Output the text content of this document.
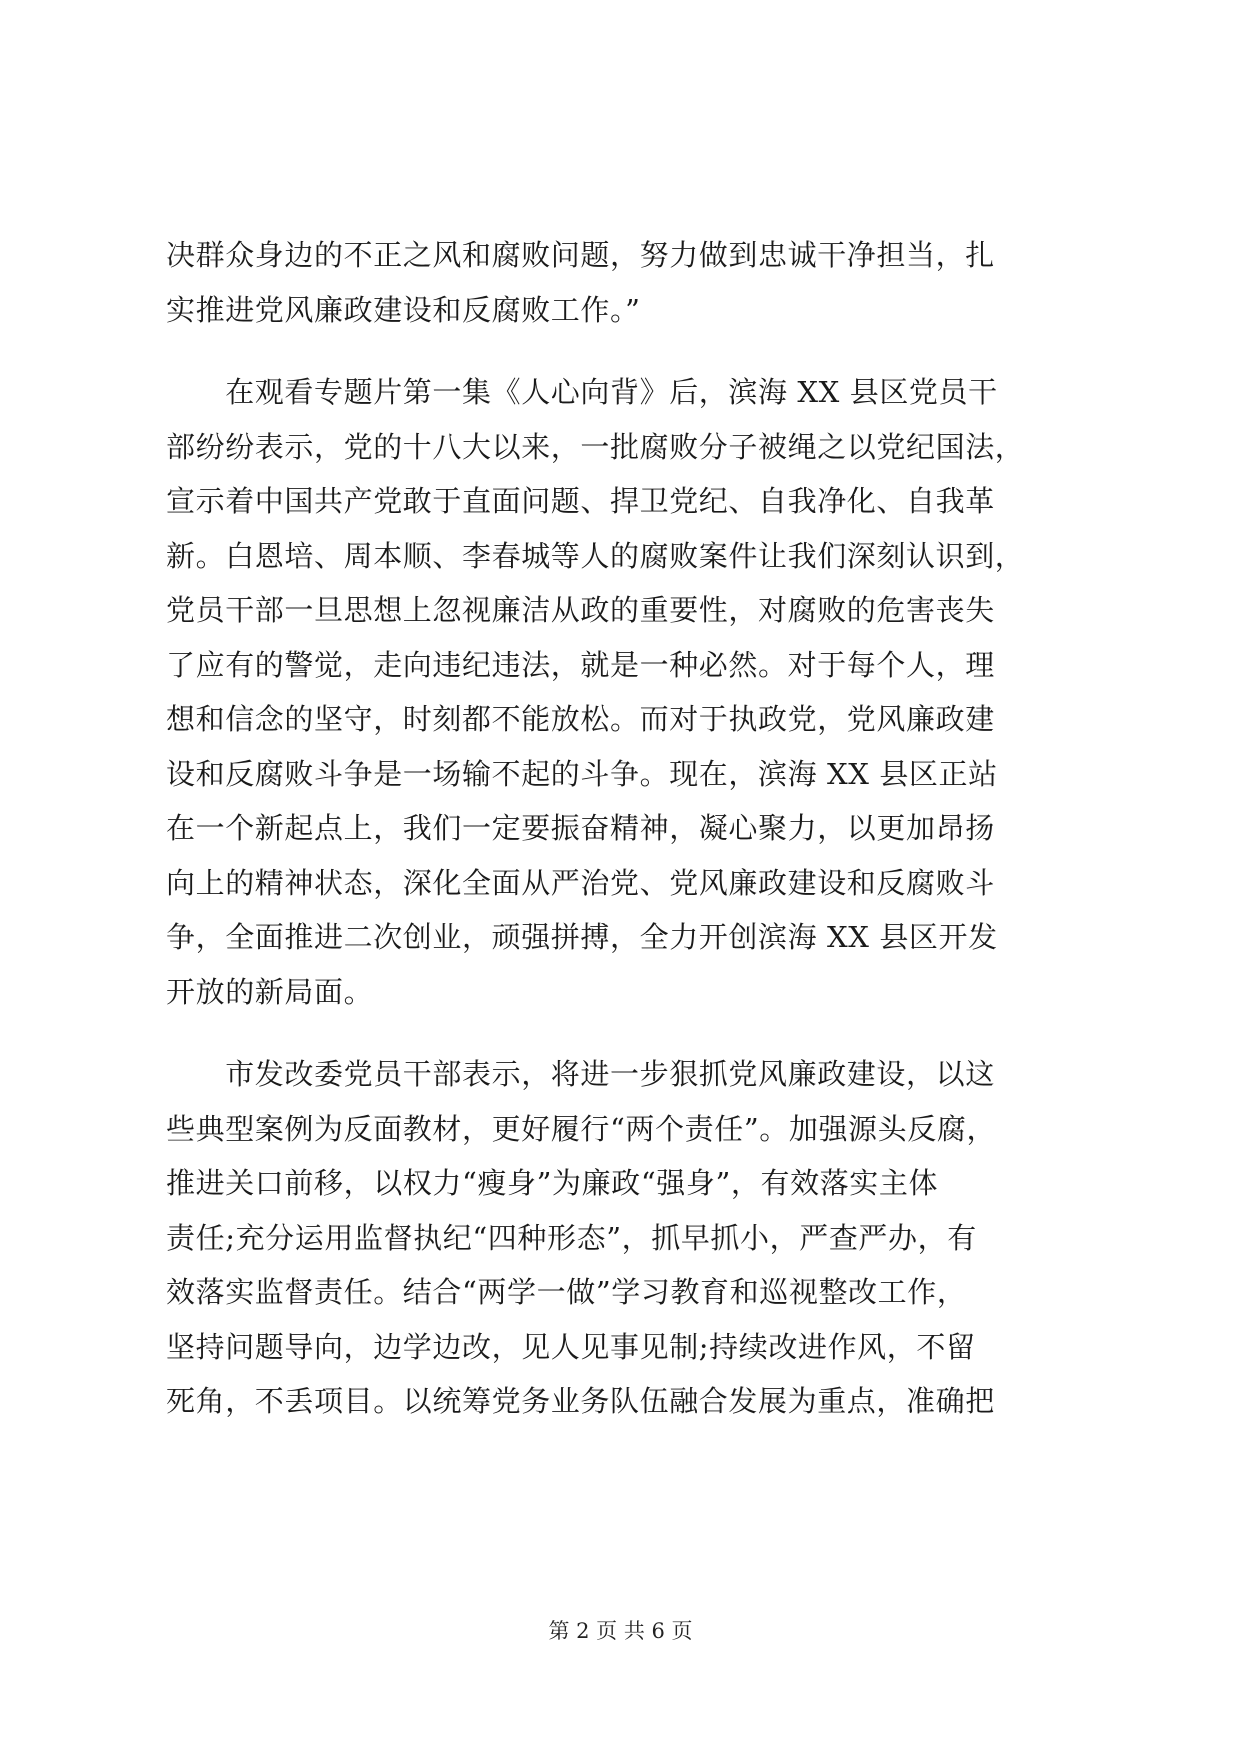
决群众身边的不正之风和腐败问题，努力做到忠诚干净担当，扎
实推进党风廉政建设和反腐败工作。”
　　在观看专题片第一集《人心向背》后，滨海 XX 县区党员干
部纷纷表示，党的十八大以来，一批腐败分子被绳之以党纪国法，
宣示着中国共产党敢于直面问题、捍卫党纪、自我净化、自我革
新。白恩培、周本顺、李春城等人的腐败案件让我们深刻认识到，
党员干部一旦思想上忽视廉洁从政的重要性，对腐败的危害丧失
了应有的警觉，走向违纪违法，就是一种必然。对于每个人，理
想和信念的坚守，时刻都不能放松。而对于执政党，党风廉政建
设和反腐败斗争是一场输不起的斗争。现在，滨海 XX 县区正站
在一个新起点上，我们一定要振奋精神，凝心聚力，以更加昂扬
向上的精神状态，深化全面从严治党、党风廉政建设和反腐败斗
争，全面推进二次创业，顽强拼搏，全力开创滨海 XX 县区开发
开放的新局面。
　　市发改委党员干部表示，将进一步狠抓党风廉政建设，以这
些典型案例为反面教材，更好履行“两个责任”。加强源头反腐，
推进关口前移，以权力“瘦身”为廉政“强身”，有效落实主体
责任;充分运用监督执纪“四种形态”，抓早抓小，严查严办，有
效落实监督责任。结合“两学一做”学习教育和巡视整改工作，
坚持问题导向，边学边改，见人见事见制;持续改进作风，不留
死角，不丢项目。以统筹党务业务队伍融合发展为重点，准确把
第 2 页 共 6 页
